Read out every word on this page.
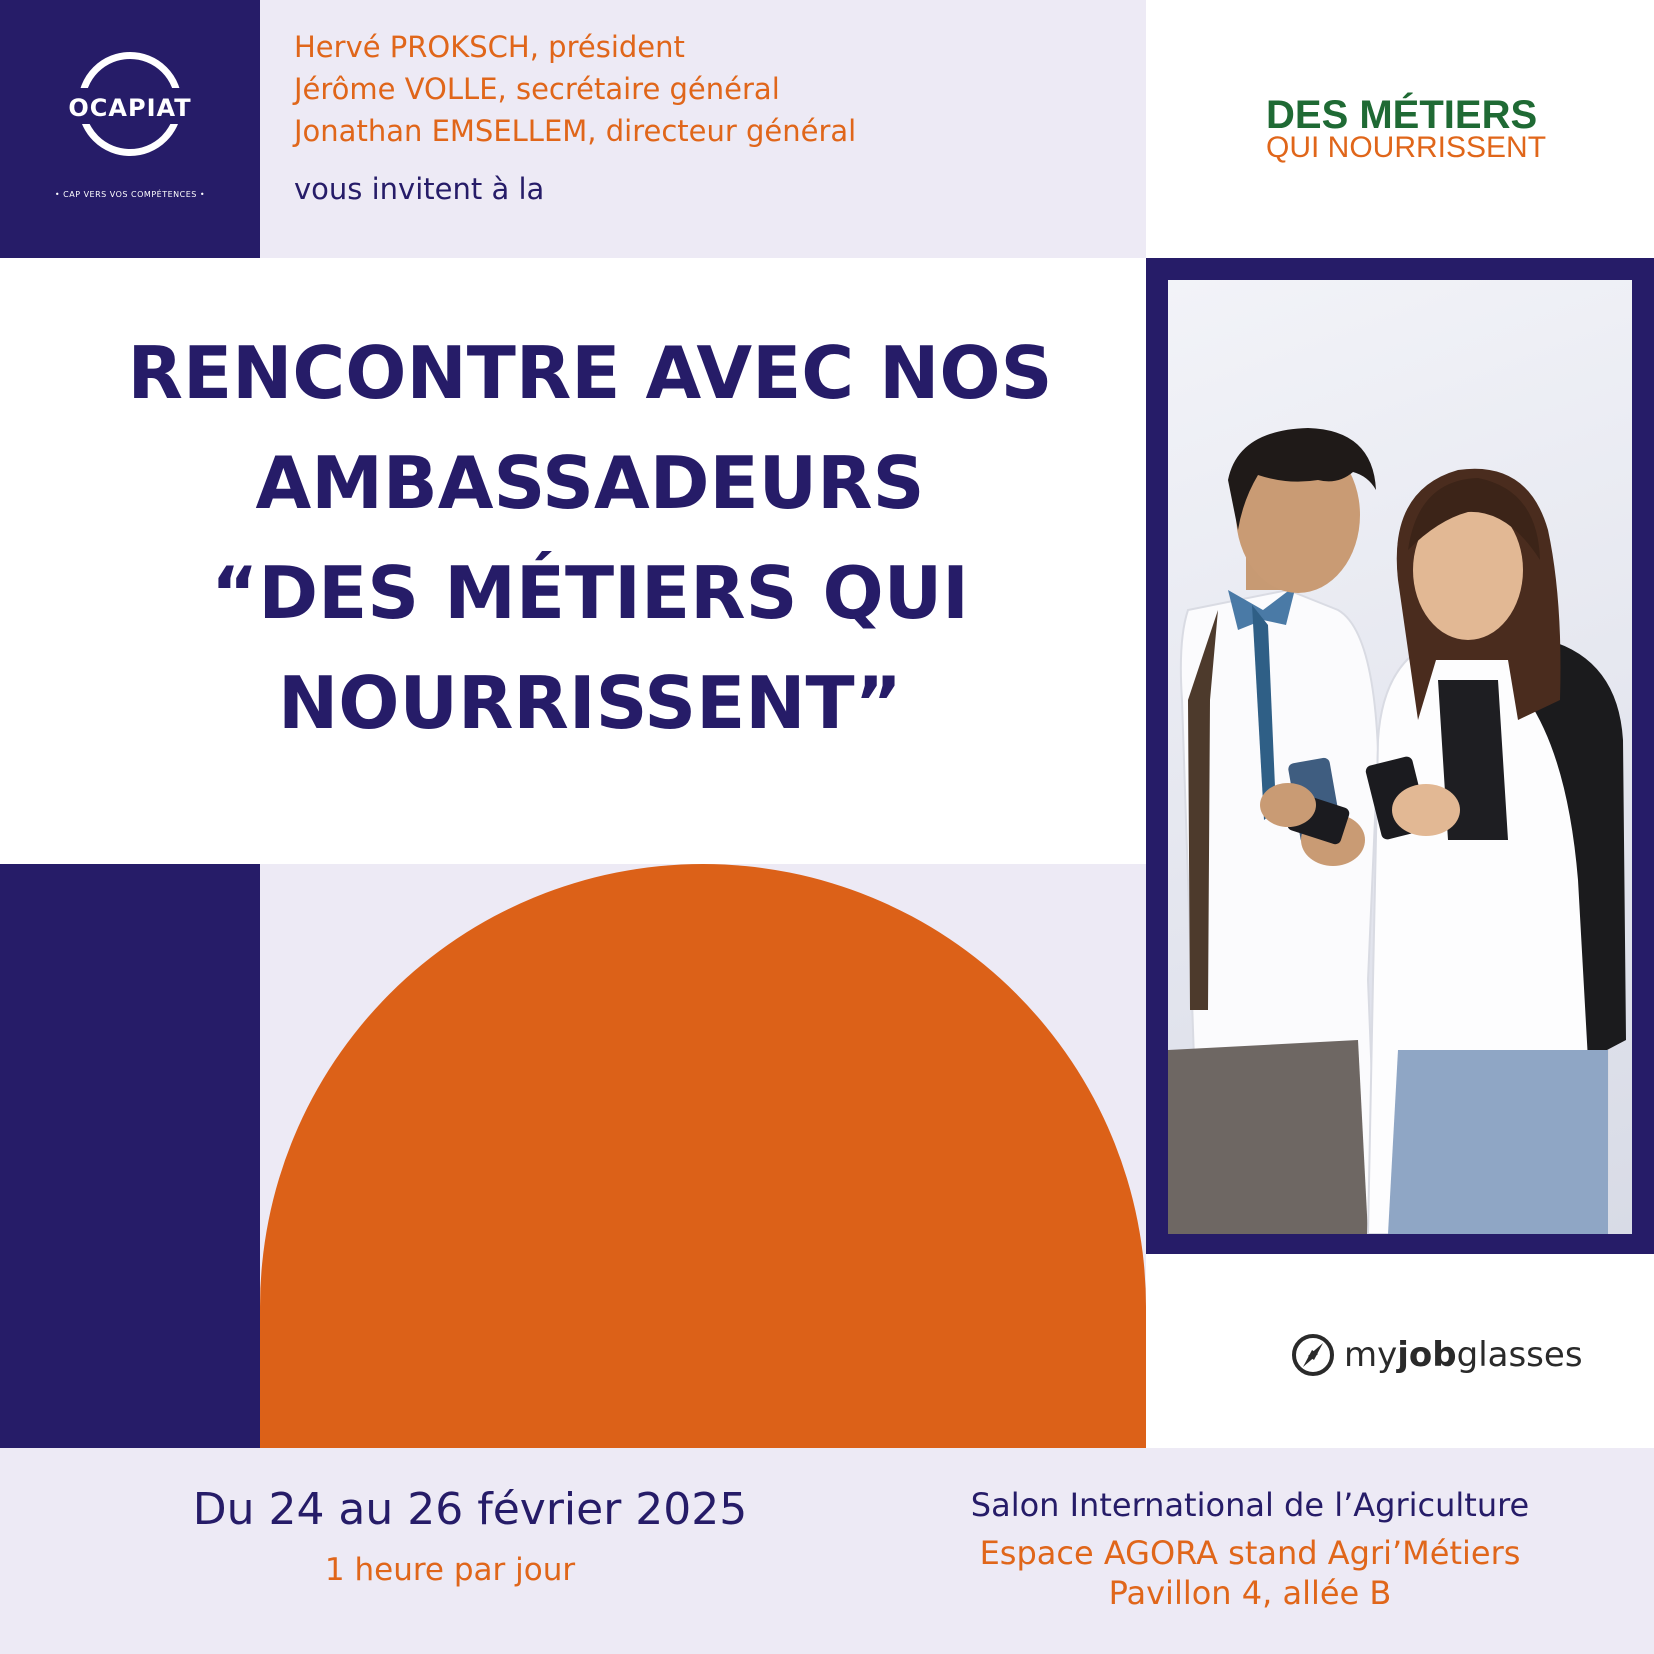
OCAPIAT
• CAP VERS VOS COMPÉTENCES •
Hervé PROKSCH, président
Jérôme VOLLE, secrétaire général
Jonathan EMSELLEM, directeur général
vous invitent à la
DES MÉTIERS
QUI NOURRISSENT
RENCONTRE AVEC NOS
AMBASSADEURS
“DES MÉTIERS QUI
NOURRISSENT”
myjobglasses
Du 24 au 26 février 2025
1 heure par jour
Salon International de l’Agriculture
Espace AGORA stand Agri’Métiers
Pavillon 4, allée B
